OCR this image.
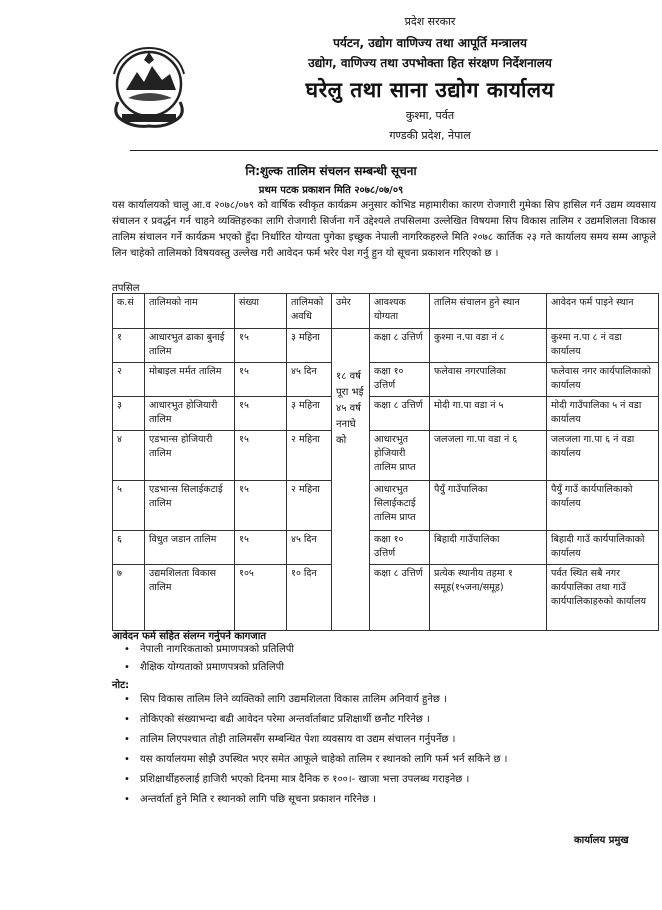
प्रदेश सरकार
पर्यटन, उद्योग वाणिज्य तथा आपूर्ति मन्त्रालय
उद्योग, वाणिज्य तथा उपभोक्ता हित संरक्षण निर्देशनालय
घरेलु तथा साना उद्योग कार्यालय
कुश्मा, पर्वत
गण्डकी प्रदेश, नेपाल
नि:शुल्क तालिम संचलन सम्बन्धी सूचना
प्रथम पटक प्रकाशन मिति २०७८/०७/०९
यस कार्यालयको चालु आ.व २०७८/०७९ को वार्षिक स्वीकृत कार्यक्रम अनुसार कोभिड महामारीका कारण रोजगारी गुमेका सिप हासिल गर्न उद्यम व्यवसाय संचालन र प्रवर्द्धन गर्न चाहने व्यक्तिहरुका लागि रोजगारी सिर्जना गर्ने उद्देश्यले तपसिलमा उल्लेखित विषयमा सिप विकास तालिम र उद्यमशिलता विकास तालिम संचालन गर्ने कार्यक्रम भएको हुँदा निर्धारित योग्यता पुगेका इच्छुक नेपाली नागरिकहरुले मिति २०७८ कार्तिक २३ गते कार्यालय समय सम्म आफूले लिन चाहेको तालिमको विषयवस्तु उल्लेख गरी आवेदन फर्म भरेर पेश गर्नु हुन यो सूचना प्रकाशन गरिएको छ ।
तपसिल
क.सं	तालिमको नाम	संख्या	तालिमको अवधि	उमेर	आवश्यक योग्यता	तालिम संचालन हुने स्थान	आवेदन फर्म पाइने स्थान
१	आधारभुत ढाका बुनाई तालिम	१५	३ महिना	१८ वर्ष पूरा भई ४५ वर्ष ननाघे को	कक्षा ८ उत्तिर्ण	कुश्मा न.पा वडा नं ८	कुश्मा न.पा ८ नं वडा कार्यालय
२	मोबाइल मर्मत तालिम	१५	४५ दिन		कक्षा १० उत्तिर्ण	फलेवास नगरपालिका	फलेवास नगर कार्यपालिकाको कार्यालय
३	आधारभुत होजियारी तालिम	१५	३ महिना		कक्षा ८ उत्तिर्ण	मोदी गा.पा वडा नं ५	मोदी गाउँपालिका ५ नं वडा कार्यालय
४	एडभान्स होजियारी तालिम	१५	२ महिना		आधारभुत होजियारी तालिम प्राप्त	जलजला गा.पा वडा नं ६	जलजला गा.पा ६ नं वडा कार्यालय
५	एडभान्स सिलाईकटाई तालिम	१५	२ महिना		आधारभुत सिलाईकटाई तालिम प्राप्त	पैयुँ गाउँपालिका	पैयुँ गाउँ कार्यपालिकाको कार्यालय
६	विधुत जडान तालिम	१५	४५ दिन		कक्षा १० उत्तिर्ण	बिहादी गाउँपालिका	बिहादी गाउँ कार्यपालिकाको कार्यालय
७	उद्यमशिलता विकास तालिम	१०५	१० दिन		कक्षा ८ उत्तिर्ण	प्रत्येक स्थानीय तहमा १ समूह(१५जना/समूह)	पर्वत स्थित सबै नगर कार्यपालिका तथा गाउँ कार्यपालिकाहरुको कार्यालय
आवेदन फर्म सहित संलग्न गर्नुपर्ने कागजात
• नेपाली नागरिकताको प्रमाणपत्रको प्रतिलिपी
• शैक्षिक योग्यताको प्रमाणपत्रको प्रतिलिपी
नोट:
• सिप विकास तालिम लिने व्यक्तिको लागि उद्यमशिलता विकास तालिम अनिवार्य हुनेछ ।
• तोकिएको संख्याभन्दा बढी आवेदन परेमा अन्तर्वार्ताबाट प्रशिक्षार्थी छनौट गरिनेछ ।
• तालिम लिएपश्चात तोही तालिमसँग सम्बन्धित पेशा व्यवसाय वा उद्यम संचालन गर्नुपर्नेछ ।
• यस कार्यालयमा सोझै उपस्थित भएर समेत आफूले चाहेको तालिम र स्थानको लागि फर्म भर्न सकिने छ ।
• प्रशिक्षार्थीहरुलाई हाजिरी भएको दिनमा मात्र दैनिक रु १००।- खाजा भत्ता उपलब्ध गराइनेछ ।
• अन्तर्वार्ता हुने मिति र स्थानको लागि पछि सूचना प्रकाशन गरिनेछ ।
कार्यालय प्रमुख
